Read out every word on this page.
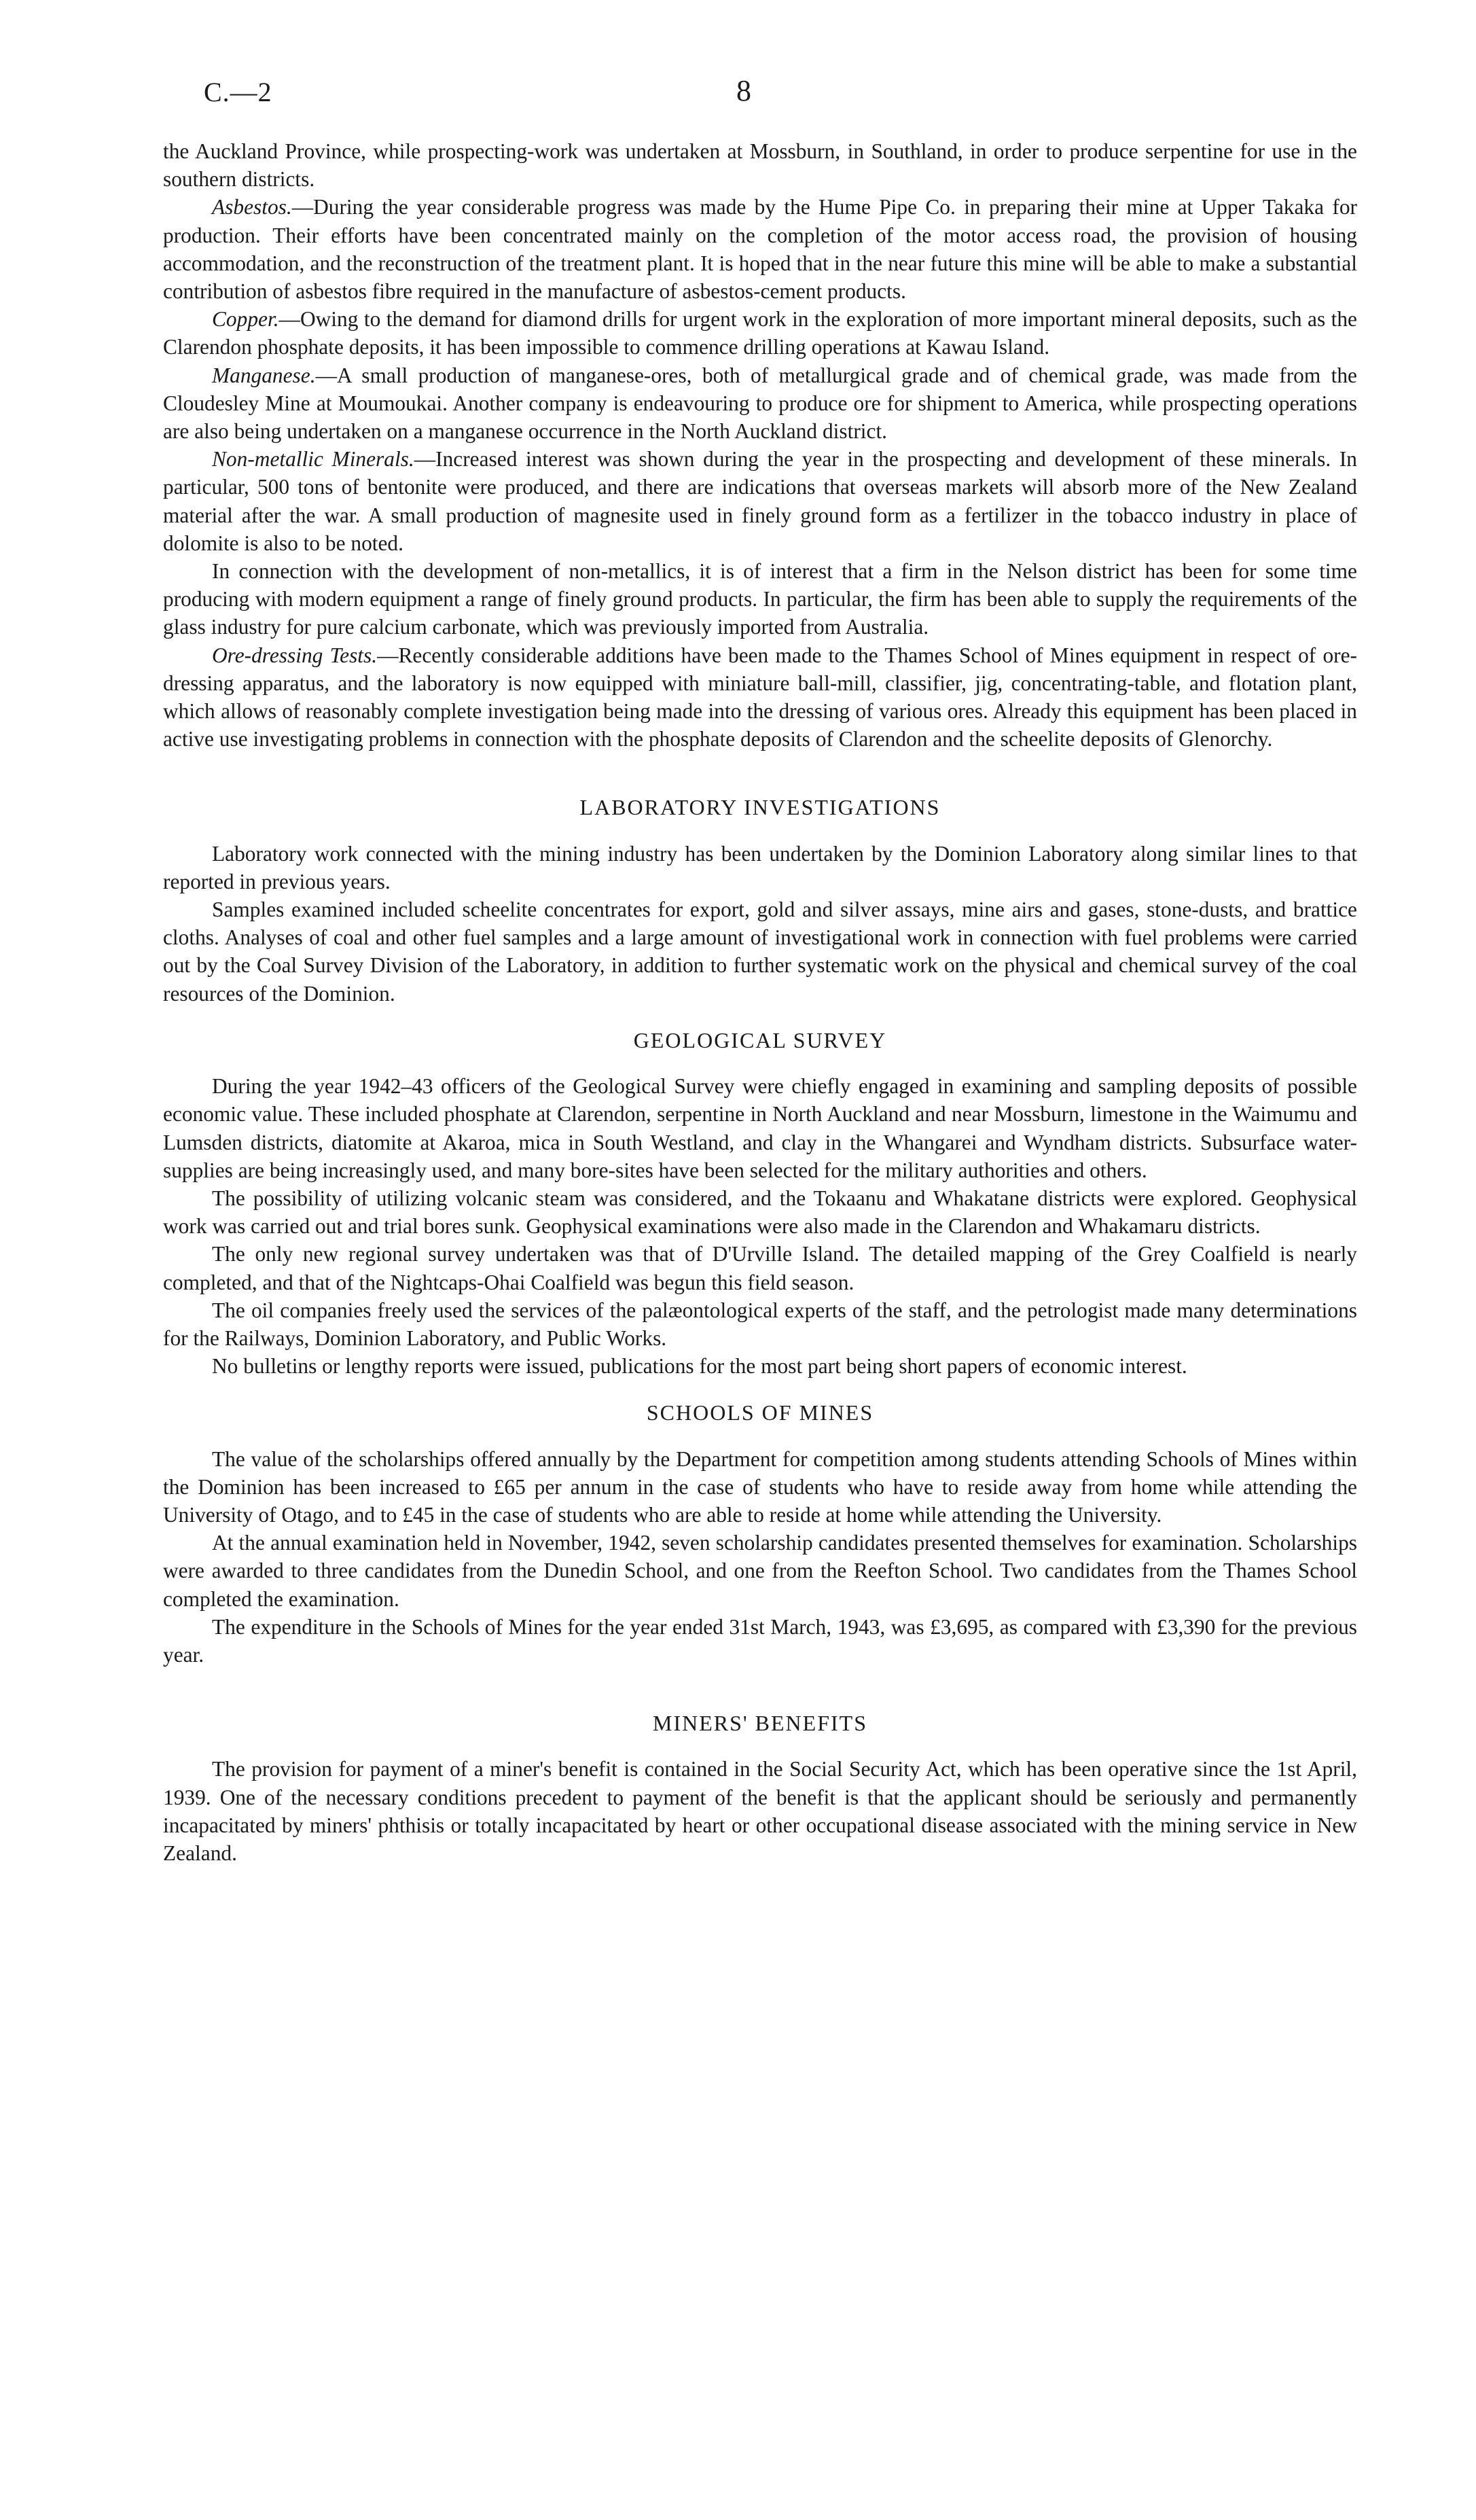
C.—2	8

the Auckland Province, while prospecting-work was undertaken at Mossburn, in Southland, in order to produce serpentine for use in the southern districts.

Asbestos.—During the year considerable progress was made by the Hume Pipe Co. in preparing their mine at Upper Takaka for production. Their efforts have been concentrated mainly on the completion of the motor access road, the provision of housing accommodation, and the reconstruction of the treatment plant. It is hoped that in the near future this mine will be able to make a substantial contribution of asbestos fibre required in the manufacture of asbestos-cement products.

Copper.—Owing to the demand for diamond drills for urgent work in the exploration of more important mineral deposits, such as the Clarendon phosphate deposits, it has been impossible to commence drilling operations at Kawau Island.

Manganese.—A small production of manganese-ores, both of metallurgical grade and of chemical grade, was made from the Cloudesley Mine at Moumoukai. Another company is endeavouring to produce ore for shipment to America, while prospecting operations are also being undertaken on a manganese occurrence in the North Auckland district.

Non-metallic Minerals.—Increased interest was shown during the year in the prospecting and development of these minerals. In particular, 500 tons of bentonite were produced, and there are indications that overseas markets will absorb more of the New Zealand material after the war. A small production of magnesite used in finely ground form as a fertilizer in the tobacco industry in place of dolomite is also to be noted.

In connection with the development of non-metallics, it is of interest that a firm in the Nelson district has been for some time producing with modern equipment a range of finely ground products. In particular, the firm has been able to supply the requirements of the glass industry for pure calcium carbonate, which was previously imported from Australia.

Ore-dressing Tests.—Recently considerable additions have been made to the Thames School of Mines equipment in respect of ore-dressing apparatus, and the laboratory is now equipped with miniature ball-mill, classifier, jig, concentrating-table, and flotation plant, which allows of reasonably complete investigation being made into the dressing of various ores. Already this equipment has been placed in active use investigating problems in connection with the phosphate deposits of Clarendon and the scheelite deposits of Glenorchy.

LABORATORY INVESTIGATIONS

Laboratory work connected with the mining industry has been undertaken by the Dominion Laboratory along similar lines to that reported in previous years.

Samples examined included scheelite concentrates for export, gold and silver assays, mine airs and gases, stone-dusts, and brattice cloths. Analyses of coal and other fuel samples and a large amount of investigational work in connection with fuel problems were carried out by the Coal Survey Division of the Laboratory, in addition to further systematic work on the physical and chemical survey of the coal resources of the Dominion.

GEOLOGICAL SURVEY

During the year 1942–43 officers of the Geological Survey were chiefly engaged in examining and sampling deposits of possible economic value. These included phosphate at Clarendon, serpentine in North Auckland and near Mossburn, limestone in the Waimumu and Lumsden districts, diatomite at Akaroa, mica in South Westland, and clay in the Whangarei and Wyndham districts. Subsurface water-supplies are being increasingly used, and many bore-sites have been selected for the military authorities and others.

The possibility of utilizing volcanic steam was considered, and the Tokaanu and Whakatane districts were explored. Geophysical work was carried out and trial bores sunk. Geophysical examinations were also made in the Clarendon and Whakamaru districts.

The only new regional survey undertaken was that of D'Urville Island. The detailed mapping of the Grey Coalfield is nearly completed, and that of the Nightcaps-Ohai Coalfield was begun this field season.

The oil companies freely used the services of the palæontological experts of the staff, and the petrologist made many determinations for the Railways, Dominion Laboratory, and Public Works.

No bulletins or lengthy reports were issued, publications for the most part being short papers of economic interest.

SCHOOLS OF MINES

The value of the scholarships offered annually by the Department for competition among students attending Schools of Mines within the Dominion has been increased to £65 per annum in the case of students who have to reside away from home while attending the University of Otago, and to £45 in the case of students who are able to reside at home while attending the University.

At the annual examination held in November, 1942, seven scholarship candidates presented themselves for examination. Scholarships were awarded to three candidates from the Dunedin School, and one from the Reefton School. Two candidates from the Thames School completed the examination.

The expenditure in the Schools of Mines for the year ended 31st March, 1943, was £3,695, as compared with £3,390 for the previous year.

MINERS' BENEFITS

The provision for payment of a miner's benefit is contained in the Social Security Act, which has been operative since the 1st April, 1939. One of the necessary conditions precedent to payment of the benefit is that the applicant should be seriously and permanently incapacitated by miners' phthisis or totally incapacitated by heart or other occupational disease associated with the mining service in New Zealand.
